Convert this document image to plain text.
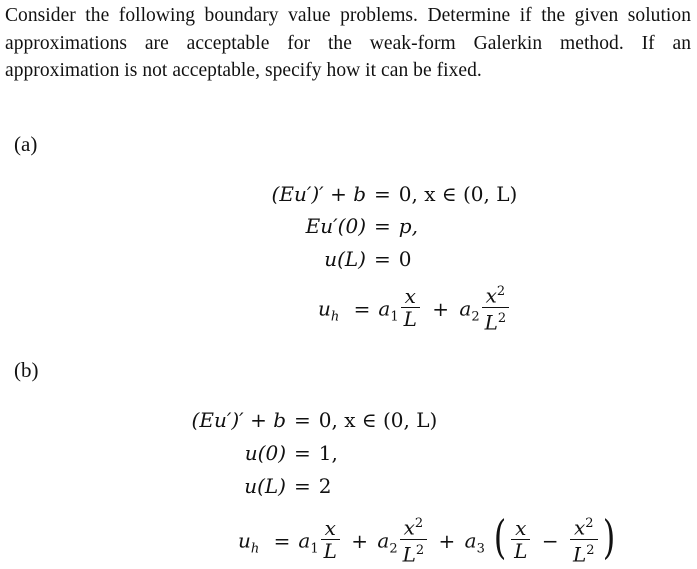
Consider the following boundary value problems. Determine if the given solution approximations are acceptable for the weak-form Galerkin method. If an approximation is not acceptable, specify how it can be fixed.
(a)
(Eu′)′ + b = 0, x ∈ (0, L)
Eu′(0) = p,
u(L) = 0
$u_h = a_1 \frac{x}{L} + a_2 \frac{x^2}{L^2}$
(b)
(Eu′)′ + b = 0, x ∈ (0, L)
u(0) = 1,
u(L) = 2
$u_h = a_1 \frac{x}{L} + a_2 \frac{x^2}{L^2} + a_3$ ( $\frac{x}{L} - \frac{x^2}{L^2}$ )
